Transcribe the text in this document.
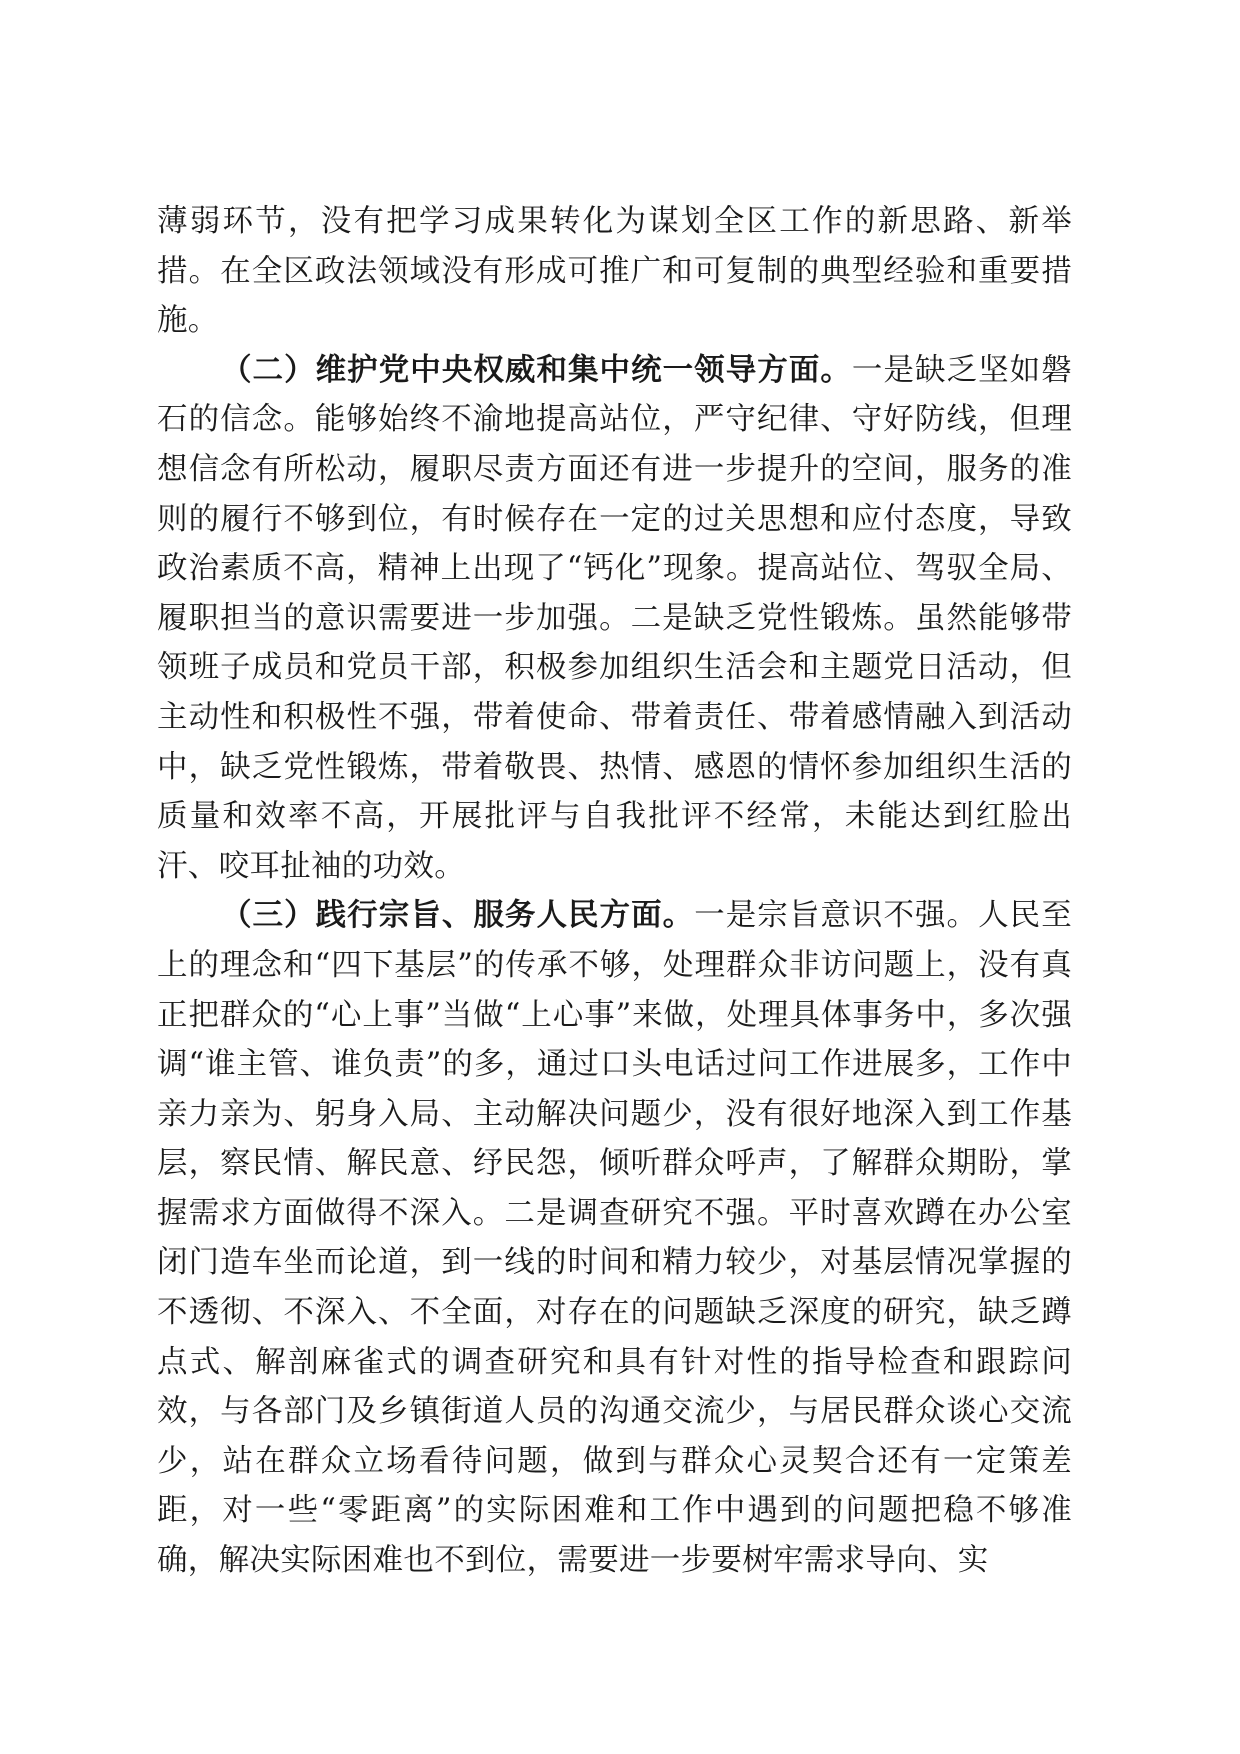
薄弱环节，没有把学习成果转化为谋划全区工作的新思路、新举措。在全区政法领域没有形成可推广和可复制的典型经验和重要措施。

（二）维护党中央权威和集中统一领导方面。一是缺乏坚如磐石的信念。能够始终不渝地提高站位，严守纪律、守好防线，但理想信念有所松动，履职尽责方面还有进一步提升的空间，服务的准则的履行不够到位，有时候存在一定的过关思想和应付态度，导致政治素质不高，精神上出现了“钙化”现象。提高站位、驾驭全局、履职担当的意识需要进一步加强。二是缺乏党性锻炼。虽然能够带领班子成员和党员干部，积极参加组织生活会和主题党日活动，但主动性和积极性不强，带着使命、带着责任、带着感情融入到活动中，缺乏党性锻炼，带着敬畏、热情、感恩的情怀参加组织生活的质量和效率不高，开展批评与自我批评不经常，未能达到红脸出汗、咬耳扯袖的功效。

（三）践行宗旨、服务人民方面。一是宗旨意识不强。人民至上的理念和“四下基层”的传承不够，处理群众非访问题上，没有真正把群众的“心上事”当做“上心事”来做，处理具体事务中，多次强调“谁主管、谁负责”的多，通过口头电话过问工作进展多，工作中亲力亲为、躬身入局、主动解决问题少，没有很好地深入到工作基层，察民情、解民意、纾民怨，倾听群众呼声，了解群众期盼，掌握需求方面做得不深入。二是调查研究不强。平时喜欢蹲在办公室闭门造车坐而论道，到一线的时间和精力较少，对基层情况掌握的不透彻、不深入、不全面，对存在的问题缺乏深度的研究，缺乏蹲点式、解剖麻雀式的调查研究和具有针对性的指导检查和跟踪问效，与各部门及乡镇街道人员的沟通交流少，与居民群众谈心交流少，站在群众立场看待问题，做到与群众心灵契合还有一定策差距，对一些“零距离”的实际困难和工作中遇到的问题把稳不够准确，解决实际困难也不到位，需要进一步要树牢需求导向、实
